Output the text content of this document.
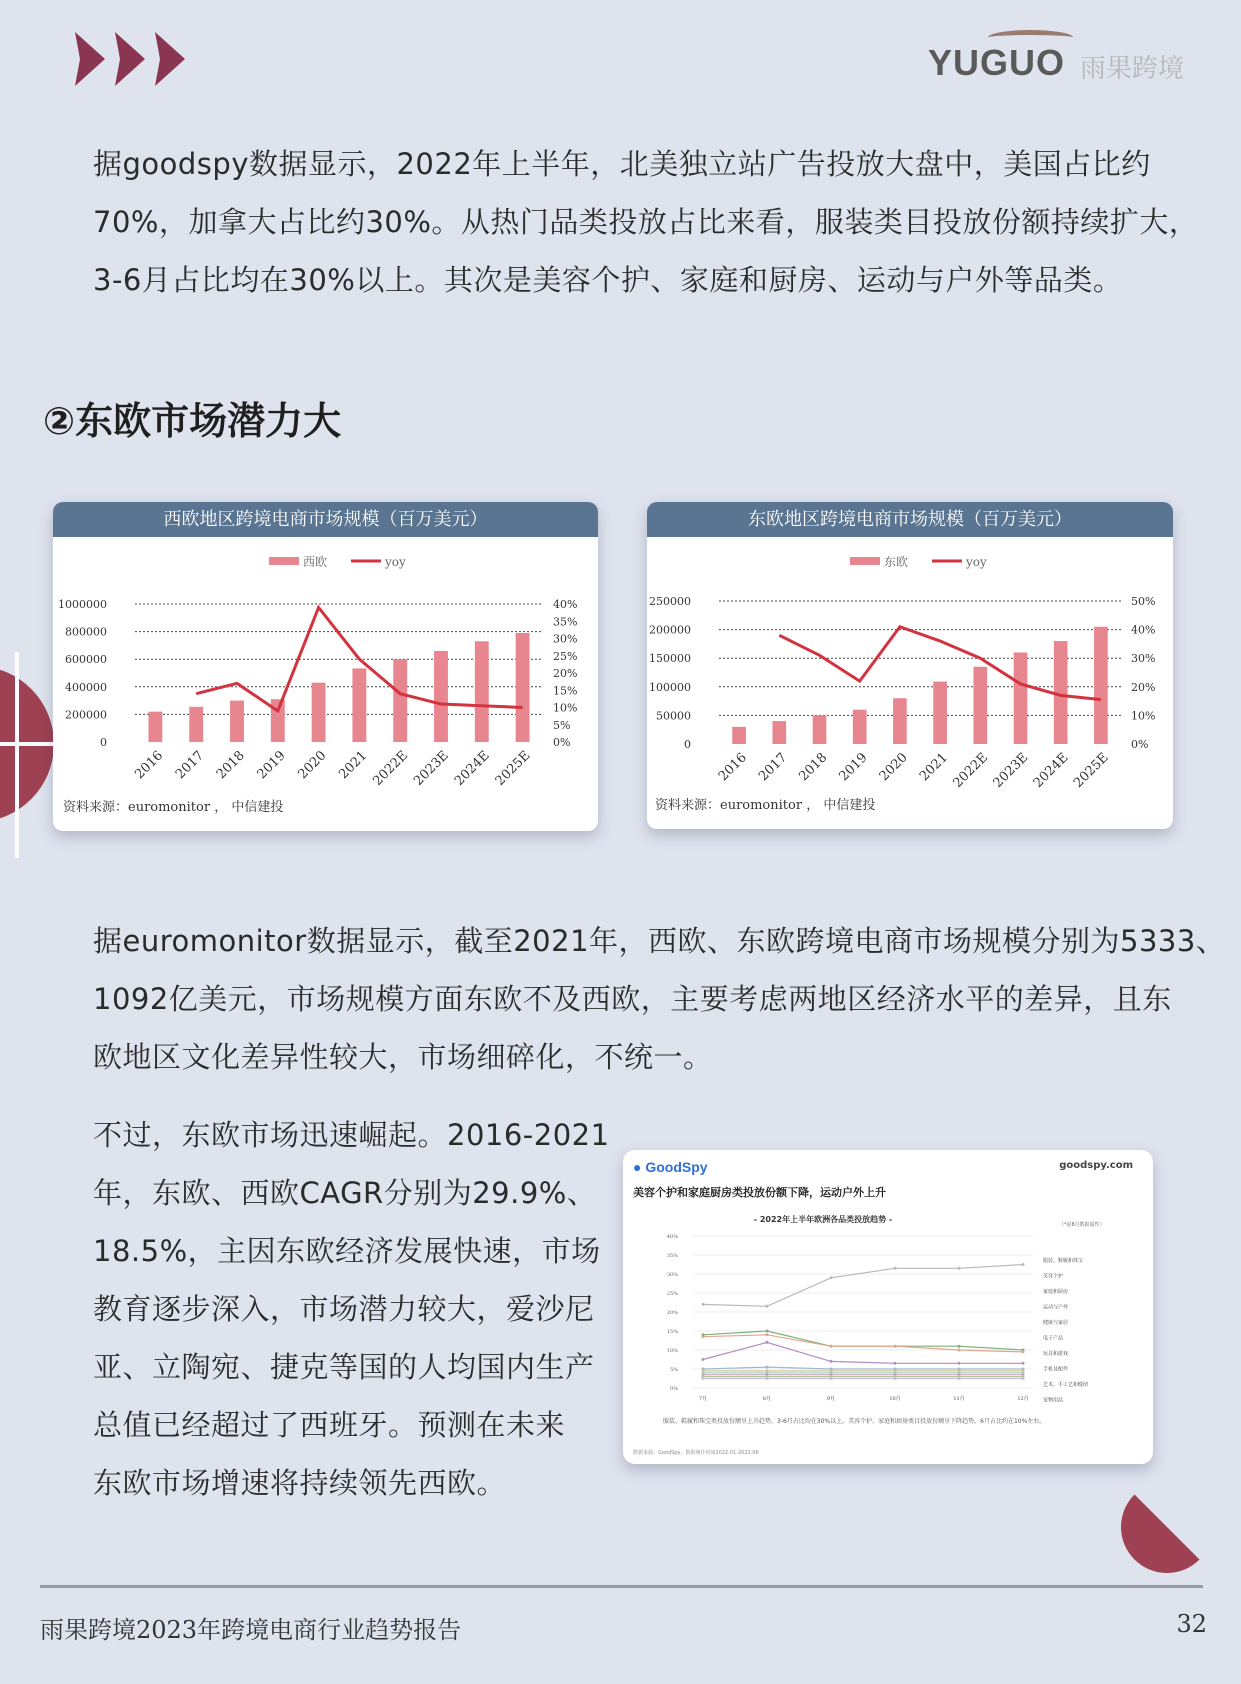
YUGUO 雨果跨境

据goodspy数据显示，2022年上半年，北美独立站广告投放大盘中，美国占比约

70%，加拿大占比约30%。从热门品类投放占比来看，服装类目投放份额持续扩大，

3-6月占比均在30%以上。其次是美容个护、家庭和厨房、运动与户外等品类。

②东欧市场潜力大
西欧地区跨境电商市场规模（百万美元）
西欧	yoy
1000000
800000
600000
400000
200000
0
40%
35%
30%
25%
20%
15%
10%
5%
0%
2016 2017 2018 2019 2020 2021 2022E 2023E 2024E 2025E
资料来源：euromonitor ， 中信建投
东欧地区跨境电商市场规模（百万美元）
东欧	yoy
250000
200000
150000
100000
50000
0
50%
40%
30%
20%
10%
0%
2016 2017 2018 2019 2020 2021 2022E 2023E 2024E 2025E
资料来源：euromonitor ， 中信建投

据euromonitor数据显示，截至2021年，西欧、东欧跨境电商市场规模分别为5333、

1092亿美元，市场规模方面东欧不及西欧，主要考虑两地区经济水平的差异，且东

欧地区文化差异性较大，市场细碎化，不统一。

不过，东欧市场迅速崛起。2016-2021

年，东欧、西欧CAGR分别为29.9%、

18.5%，主因东欧经济发展快速，市场

教育逐步深入，市场潜力较大，爱沙尼

亚、立陶宛、捷克等国的人均国内生产

总值已经超过了西班牙。预测在未来

东欧市场增速将持续领先西欧。

● GoodSpy	goodspy.com
美容个护和家庭厨房类投放份额下降，运动户外上升
- 2022年上半年欧洲各品类投放趋势 -
（*前8月数据属性）
40%
35%
30%
25%
20%
15%
10%
5%
0%
服装、鞋履和珠宝
美容个护
家庭和厨房
运动与户外
健康与家居
电子产品
玩具和游戏
手机及配件
艺术、手工艺和缝纫
宠物用品
7月	8月	9月	10月	11月	12月
服装、鞋履和珠宝类投放份额呈上升趋势，3-6月占比均在30%以上。美容个护、家庭和厨房类目投放份额呈下降趋势，6月占比约在10%左右。
数据来源：GoodSpy，数据统计时间2022.01-2022.06
雨果跨境2023年跨境电商行业趋势报告	32
